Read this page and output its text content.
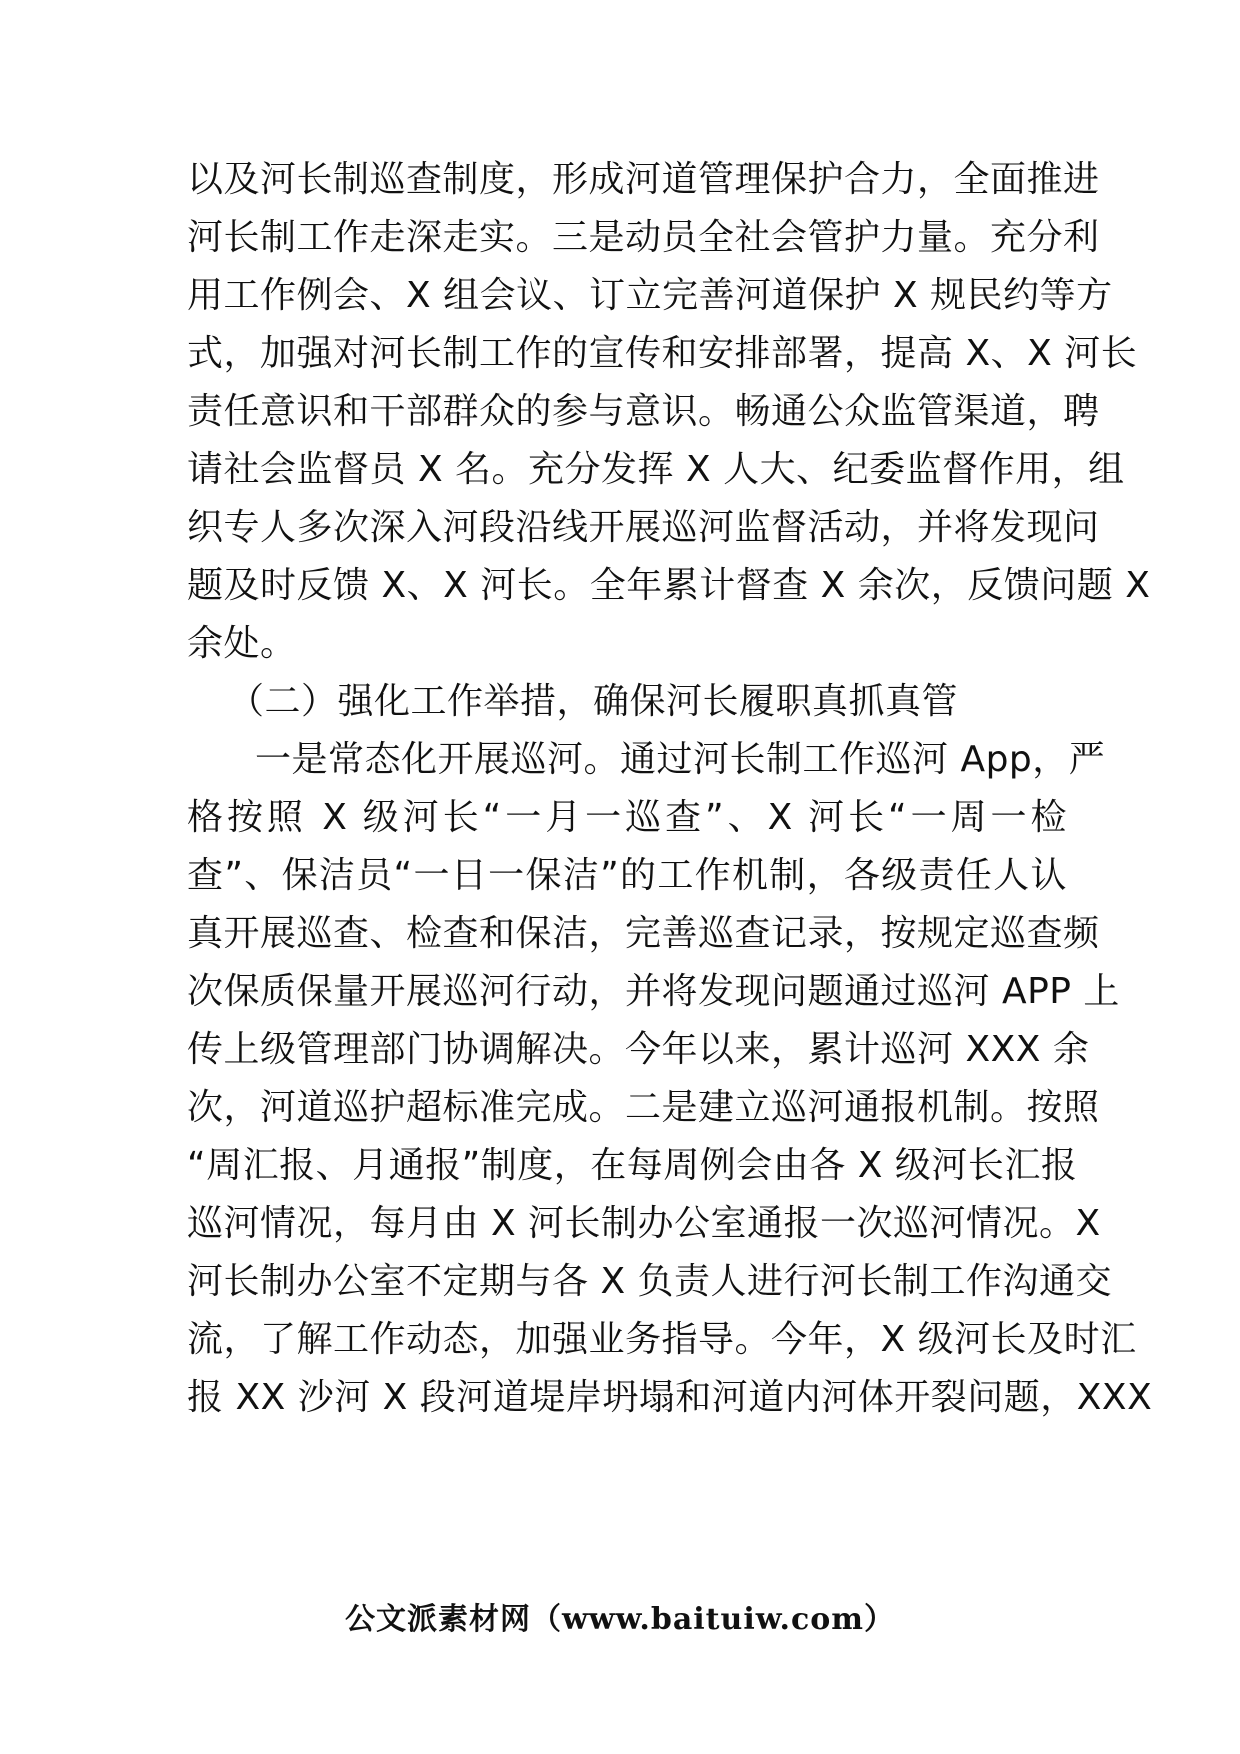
以及河长制巡查制度，形成河道管理保护合力，全面推进
河长制工作走深走实。三是动员全社会管护力量。充分利
用工作例会、X 组会议、订立完善河道保护 X 规民约等方
式，加强对河长制工作的宣传和安排部署，提高 X、X 河长
责任意识和干部群众的参与意识。畅通公众监管渠道，聘
请社会监督员 X 名。充分发挥 X 人大、纪委监督作用，组
织专人多次深入河段沿线开展巡河监督活动，并将发现问
题及时反馈 X、X 河长。全年累计督查 X 余次，反馈问题 X
余处。
（二）强化工作举措，确保河长履职真抓真管
一是常态化开展巡河。通过河长制工作巡河 App，严
格按照 X 级河长“一月一巡查”、X 河长“一周一检
查”、保洁员“一日一保洁”的工作机制，各级责任人认
真开展巡查、检查和保洁，完善巡查记录，按规定巡查频
次保质保量开展巡河行动，并将发现问题通过巡河 APP 上
传上级管理部门协调解决。今年以来，累计巡河 XXX 余
次，河道巡护超标准完成。二是建立巡河通报机制。按照
“周汇报、月通报”制度，在每周例会由各 X 级河长汇报
巡河情况，每月由 X 河长制办公室通报一次巡河情况。X
河长制办公室不定期与各 X 负责人进行河长制工作沟通交
流，了解工作动态，加强业务指导。今年，X 级河长及时汇
报 XX 沙河 X 段河道堤岸坍塌和河道内河体开裂问题，XXX
公文派素材网（www.baituiw.com）
